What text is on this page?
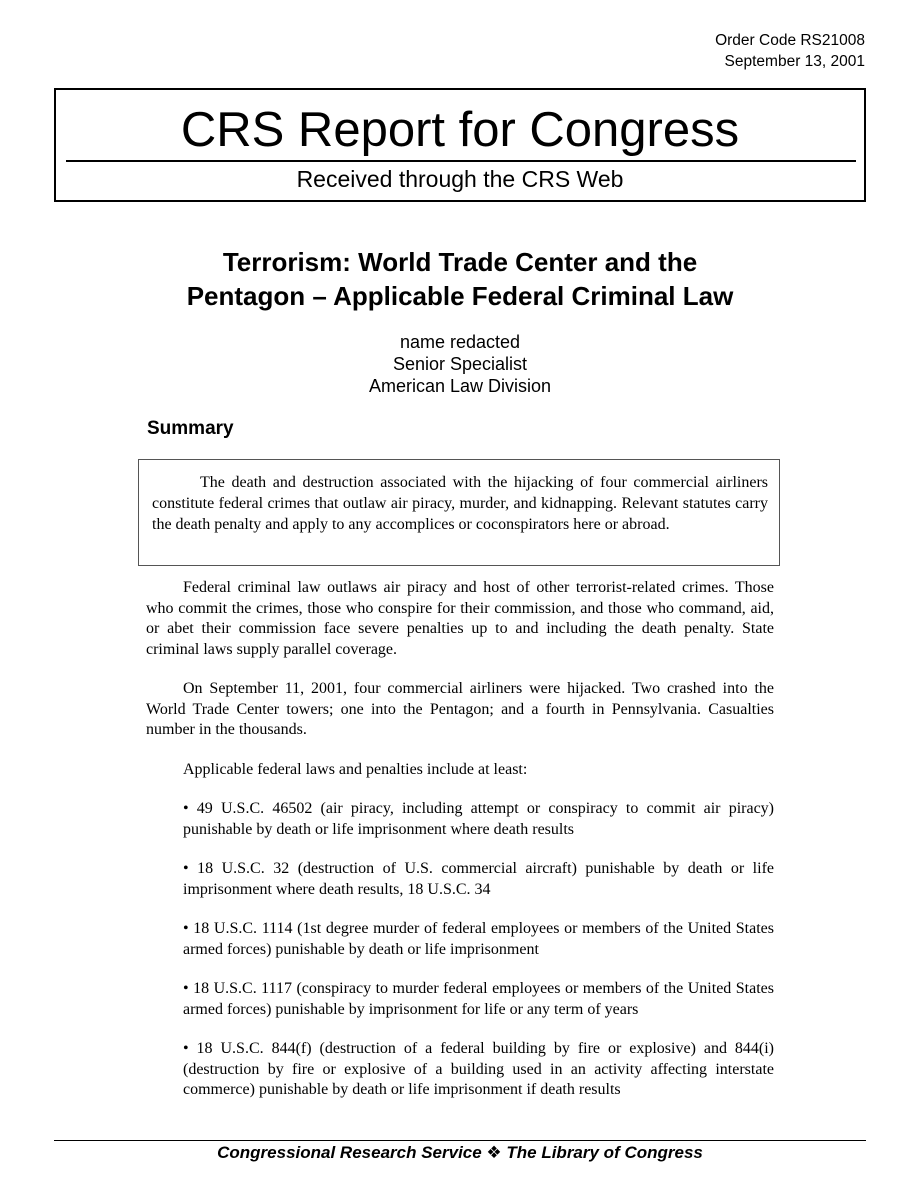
Order Code RS21008
September 13, 2001
CRS Report for Congress
Received through the CRS Web
Terrorism: World Trade Center and the
Pentagon – Applicable Federal Criminal Law
name redacted
Senior Specialist
American Law Division
Summary
The death and destruction associated with the hijacking of four commercial airliners constitute federal crimes that outlaw air piracy, murder, and kidnapping. Relevant statutes carry the death penalty and apply to any accomplices or coconspirators here or abroad.

Federal criminal law outlaws air piracy and host of other terrorist-related crimes. Those who commit the crimes, those who conspire for their commission, and those who command, aid, or abet their commission face severe penalties up to and including the death penalty. State criminal laws supply parallel coverage.

On September 11, 2001, four commercial airliners were hijacked. Two crashed into the World Trade Center towers; one into the Pentagon; and a fourth in Pennsylvania. Casualties number in the thousands.

Applicable federal laws and penalties include at least:

• 49 U.S.C. 46502 (air piracy, including attempt or conspiracy to commit air piracy) punishable by death or life imprisonment where death results

• 18 U.S.C. 32 (destruction of U.S. commercial aircraft) punishable by death or life imprisonment where death results, 18 U.S.C. 34

• 18 U.S.C. 1114 (1st degree murder of federal employees or members of the United States armed forces) punishable by death or life imprisonment

• 18 U.S.C. 1117 (conspiracy to murder federal employees or members of the United States armed forces) punishable by imprisonment for life or any term of years

• 18 U.S.C. 844(f) (destruction of a federal building by fire or explosive) and 844(i)(destruction by fire or explosive of a building used in an activity affecting interstate commerce) punishable by death or life imprisonment if death results

Congressional Research Service ❖ The Library of Congress
